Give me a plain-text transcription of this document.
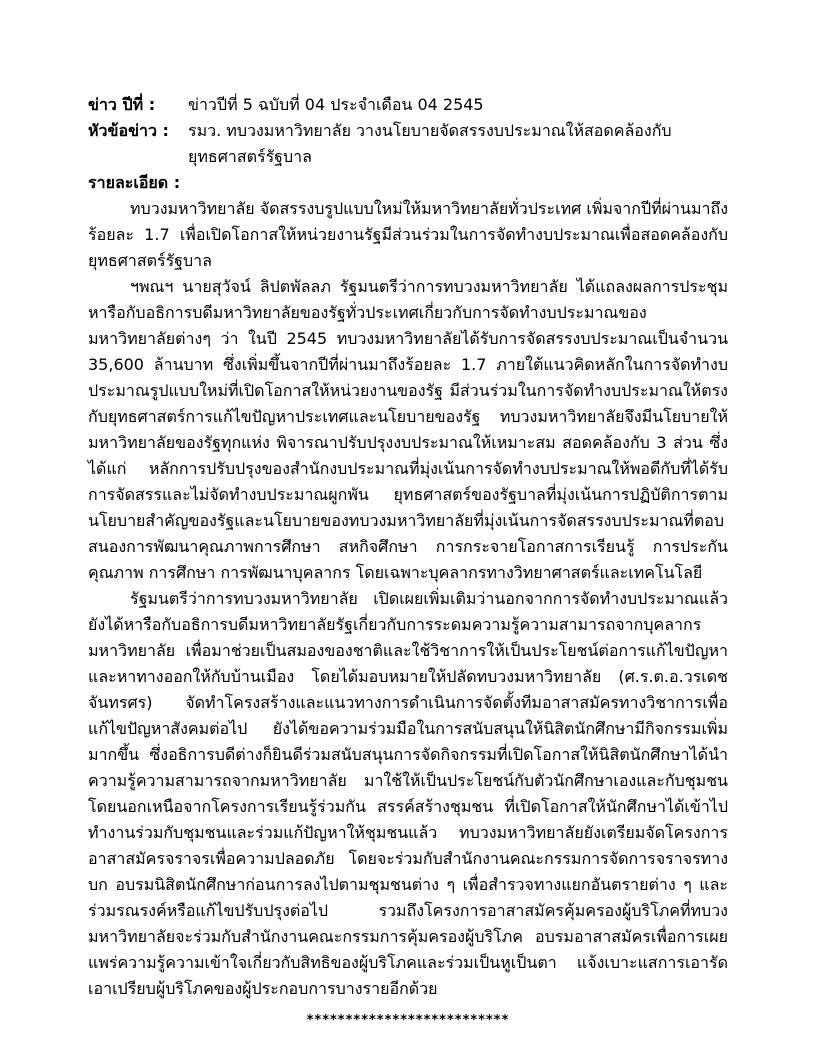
ข่าว ปีที่ :	ข่าวปีที่ 5 ฉบับที่ 04 ประจำเดือน 04 2545
หัวข้อข่าว :	รมว. ทบวงมหาวิทยาลัย วางนโยบายจัดสรรงบประมาณให้สอดคล้องกับยุทธศาสตร์รัฐบาล
รายละเอียด :

ทบวงมหาวิทยาลัย จัดสรรงบรูปแบบใหม่ให้มหาวิทยาลัยทั่วประเทศ เพิ่มจากปีที่ผ่านมาถึงร้อยละ 1.7 เพื่อเปิดโอกาสให้หน่วยงานรัฐมีส่วนร่วมในการจัดทำงบประมาณเพื่อสอดคล้องกับยุทธศาสตร์รัฐบาล

ฯพณฯ นายสุวัจน์ ลิปตพัลลภ รัฐมนตรีว่าการทบวงมหาวิทยาลัย ได้แถลงผลการประชุมหารือกับอธิการบดีมหาวิทยาลัยของรัฐทั่วประเทศเกี่ยวกับการจัดทำงบประมาณของมหาวิทยาลัยต่างๆ ว่า ในปี 2545 ทบวงมหาวิทยาลัยได้รับการจัดสรรงบประมาณเป็นจำนวน 35,600 ล้านบาท ซึ่งเพิ่มขึ้นจากปีที่ผ่านมาถึงร้อยละ 1.7 ภายใต้แนวคิดหลักในการจัดทำงบประมาณรูปแบบใหม่ที่เปิดโอกาสให้หน่วยงานของรัฐ มีส่วนร่วมในการจัดทำงบประมาณให้ตรงกับยุทธศาสตร์การแก้ไขปัญหาประเทศและนโยบายของรัฐ ทบวงมหาวิทยาลัยจึงมีนโยบายให้มหาวิทยาลัยของรัฐทุกแห่ง พิจารณาปรับปรุงงบประมาณให้เหมาะสม สอดคล้องกับ 3 ส่วน ซึ่งได้แก่ หลักการปรับปรุงของสำนักงบประมาณที่มุ่งเน้นการจัดทำงบประมาณให้พอดีกับที่ได้รับการจัดสรรและไม่จัดทำงบประมาณผูกพัน ยุทธศาสตร์ของรัฐบาลที่มุ่งเน้นการปฏิบัติการตามนโยบายสำคัญของรัฐและนโยบายของทบวงมหาวิทยาลัยที่มุ่งเน้นการจัดสรรงบประมาณที่ตอบสนองการพัฒนาคุณภาพการศึกษา สหกิจศึกษา การกระจายโอกาสการเรียนรู้ การประกันคุณภาพ การศึกษา การพัฒนาบุคลากร โดยเฉพาะบุคลากรทางวิทยาศาสตร์และเทคโนโลยี

รัฐมนตรีว่าการทบวงมหาวิทยาลัย เปิดเผยเพิ่มเติมว่านอกจากการจัดทำงบประมาณแล้ว ยังได้หารือกับอธิการบดีมหาวิทยาลัยรัฐเกี่ยวกับการระดมความรู้ความสามารถจากบุคลากรมหาวิทยาลัย เพื่อมาช่วยเป็นสมองของชาติและใช้วิชาการให้เป็นประโยชน์ต่อการแก้ไขปัญหาและหาทางออกให้กับบ้านเมือง โดยได้มอบหมายให้ปลัดทบวงมหาวิทยาลัย (ศ.ร.ต.อ.วรเดช จันทรศร) จัดทำโครงสร้างและแนวทางการดำเนินการจัดตั้งทีมอาสาสมัครทางวิชาการเพื่อแก้ไขปัญหาสังคมต่อไป ยังได้ขอความร่วมมือในการสนับสนุนให้นิสิตนักศึกษามีกิจกรรมเพิ่มมากขึ้น ซึ่งอธิการบดีต่างก็ยินดีร่วมสนับสนุนการจัดกิจกรรมที่เปิดโอกาสให้นิสิตนักศึกษาได้นำความรู้ความสามารถจากมหาวิทยาลัย มาใช้ให้เป็นประโยชน์กับตัวนักศึกษาเองและกับชุมชน โดยนอกเหนือจากโครงการเรียนรู้ร่วมกัน สรรค์สร้างชุมชน ที่เปิดโอกาสให้นักศึกษาได้เข้าไปทำงานร่วมกับชุมชนและร่วมแก้ปัญหาให้ชุมชนแล้ว ทบวงมหาวิทยาลัยยังเตรียมจัดโครงการอาสาสมัครจราจรเพื่อความปลอดภัย โดยจะร่วมกับสำนักงานคณะกรรมการจัดการจราจรทางบก อบรมนิสิตนักศึกษาก่อนการลงไปตามชุมชนต่าง ๆ เพื่อสำรวจทางแยกอันตรายต่าง ๆ และร่วมรณรงค์หรือแก้ไขปรับปรุงต่อไป รวมถึงโครงการอาสาสมัครคุ้มครองผู้บริโภคที่ทบวงมหาวิทยาลัยจะร่วมกับสำนักงานคณะกรรมการคุ้มครองผู้บริโภค อบรมอาสาสมัครเพื่อการเผยแพร่ความรู้ความเข้าใจเกี่ยวกับสิทธิของผู้บริโภคและร่วมเป็นหูเป็นตา แจ้งเบาะแสการเอารัดเอาเปรียบผู้บริโภคของผู้ประกอบการบางรายอีกด้วย

**************************
